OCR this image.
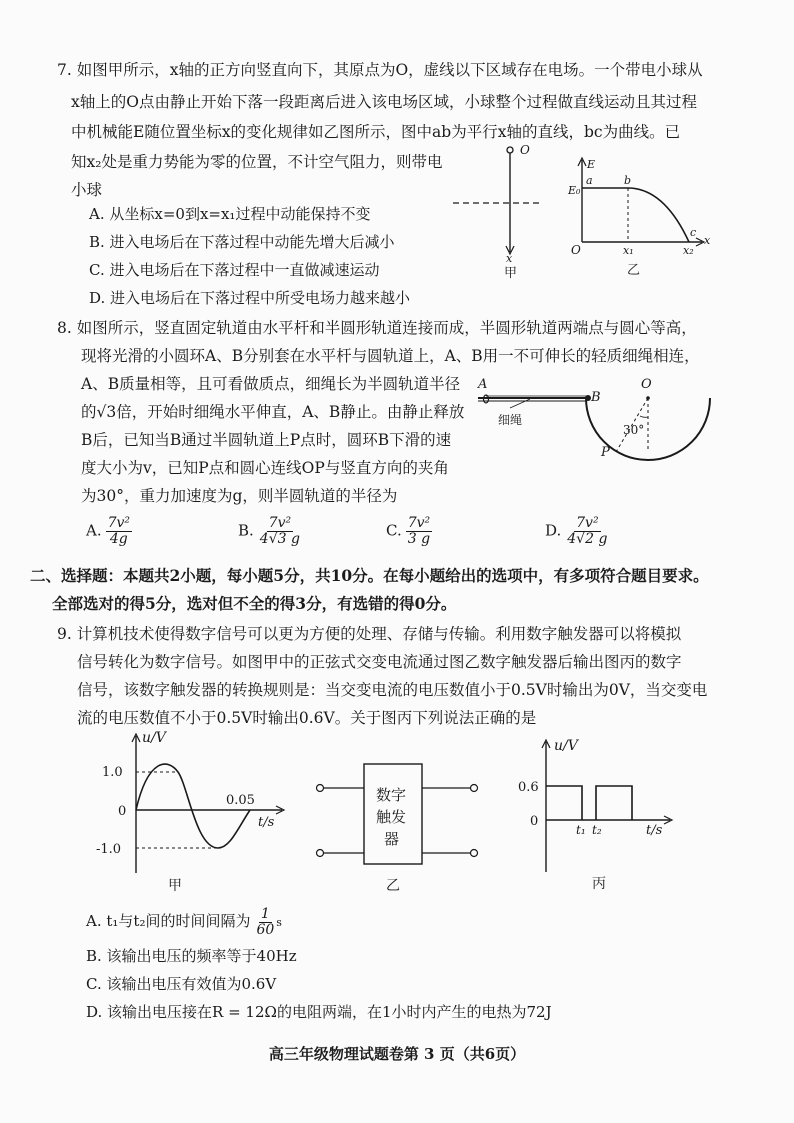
7. 如图甲所示，x轴的正方向竖直向下，其原点为O，虚线以下区域存在电场。一个带电小球从
x轴上的O点由静止开始下落一段距离后进入该电场区域，小球整个过程做直线运动且其过程
中机械能E随位置坐标x的变化规律如乙图所示，图中ab为平行x轴的直线，bc为曲线。已
知x₂处是重力势能为零的位置，不计空气阻力，则带电
小球
A. 从坐标x=0到x=x₁过程中动能保持不变
B. 进入电场后在下落过程中动能先增大后减小
C. 进入电场后在下落过程中一直做减速运动
D. 进入电场后在下落过程中所受电场力越来越小
O
x
甲
E
E₀
a	b
c
x
O	x₁	x₂
乙
8. 如图所示，竖直固定轨道由水平杆和半圆形轨道连接而成，半圆形轨道两端点与圆心等高，
现将光滑的小圆环A、B分别套在水平杆与圆轨道上，A、B用一不可伸长的轻质细绳相连，
A、B质量相等，且可看做质点，细绳长为半圆轨道半径
的√3倍，开始时细绳水平伸直，A、B静止。由静止释放
B后，已知当B通过半圆轨道上P点时，圆环B下滑的速
度大小为v，已知P点和圆心连线OP与竖直方向的夹角
为30°，重力加速度为g，则半圆轨道的半径为
A. $\frac{\text{7v²}}{4g}$	B. $\frac{\text{7v²}}{4√3 g}$	C. $\frac{\text{7v²}}{3 g}$	D. $\frac{\text{7v²}}{4√2 g}$
A
B
O
P
细绳
30°
二、选择题：本题共2小题，每小题5分，共10分。在每小题给出的选项中，有多项符合题目要求。
全部选对的得5分，选对但不全的得3分，有选错的得0分。
9. 计算机技术使得数字信号可以更为方便的处理、存储与传输。利用数字触发器可以将模拟
信号转化为数字信号。如图甲中的正弦式交变电流通过图乙数字触发器后输出图丙的数字
信号，该数字触发器的转换规则是：当交变电流的电压数值小于0.5V时输出为0V，当交变电
流的电压数值不小于0.5V时输出0.6V。关于图丙下列说法正确的是
u/V
1.0
0
-1.0
0.05
t/s
甲
数字
触发
器
乙
u/V
0.6
0
t₁ t₂	t/s
丙
A. t₁与t₂间的时间间隔为 $\frac{1}{60}$ s
B. 该输出电压的频率等于40Hz
C. 该输出电压有效值为0.6V
D. 该输出电压接在R = 12Ω的电阻两端，在1小时内产生的电热为72J
高三年级物理试题卷第 3 页（共6页）
